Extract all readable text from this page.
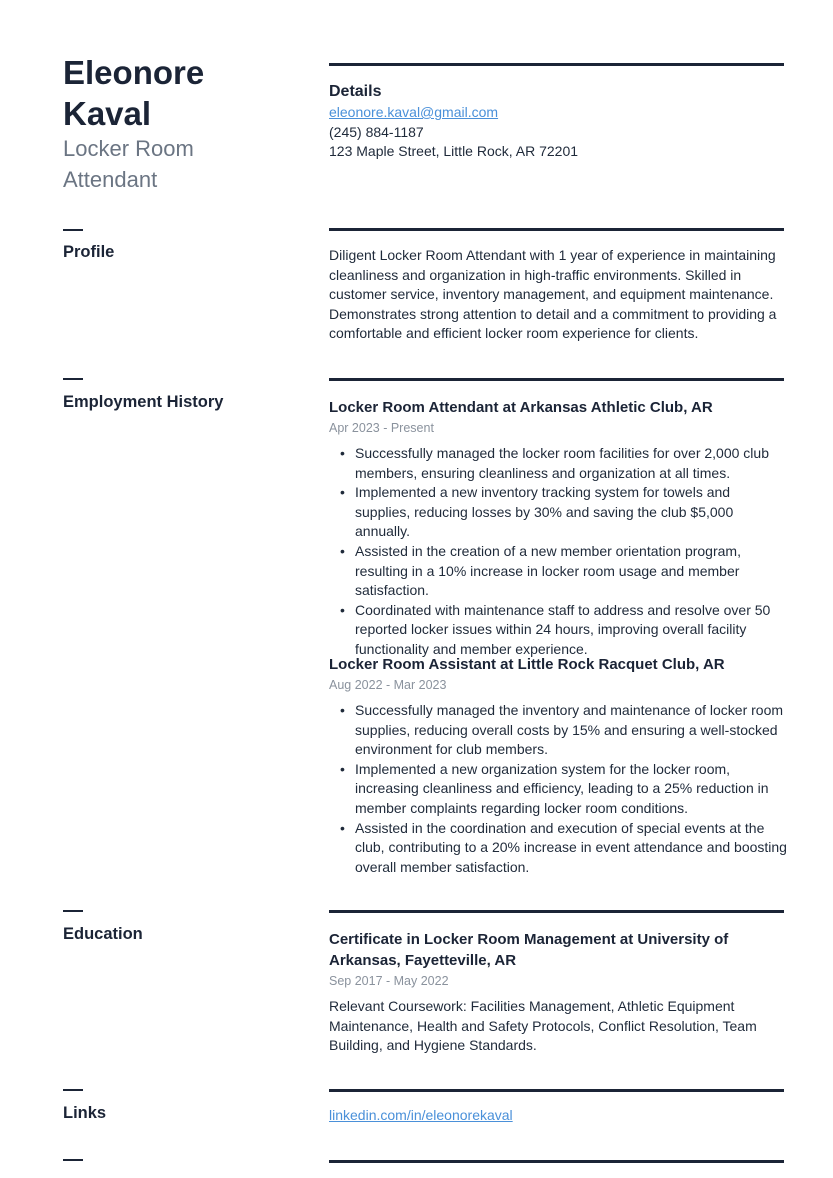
Eleonore
Kaval
Locker Room
Attendant
Details
eleonore.kaval@gmail.com
(245) 884-1187
123 Maple Street, Little Rock, AR 72201
Profile	Diligent Locker Room Attendant with 1 year of experience in maintaining cleanliness and organization in high-traffic environments. Skilled in customer service, inventory management, and equipment maintenance. Demonstrates strong attention to detail and a commitment to providing a comfortable and efficient locker room experience for clients.
Employment History	Locker Room Attendant at Arkansas Athletic Club, AR
Apr 2023 - Present
• Successfully managed the locker room facilities for over 2,000 club members, ensuring cleanliness and organization at all times.
• Implemented a new inventory tracking system for towels and supplies, reducing losses by 30% and saving the club $5,000 annually.
• Assisted in the creation of a new member orientation program, resulting in a 10% increase in locker room usage and member satisfaction.
• Coordinated with maintenance staff to address and resolve over 50 reported locker issues within 24 hours, improving overall facility functionality and member experience.
Locker Room Assistant at Little Rock Racquet Club, AR
Aug 2022 - Mar 2023
• Successfully managed the inventory and maintenance of locker room supplies, reducing overall costs by 15% and ensuring a well-stocked environment for club members.
• Implemented a new organization system for the locker room, increasing cleanliness and efficiency, leading to a 25% reduction in member complaints regarding locker room conditions.
• Assisted in the coordination and execution of special events at the club, contributing to a 20% increase in event attendance and boosting overall member satisfaction.
Education	Certificate in Locker Room Management at University of Arkansas, Fayetteville, AR
Sep 2017 - May 2022
Relevant Coursework: Facilities Management, Athletic Equipment Maintenance, Health and Safety Protocols, Conflict Resolution, Team Building, and Hygiene Standards.
Links	linkedin.com/in/eleonorekaval
